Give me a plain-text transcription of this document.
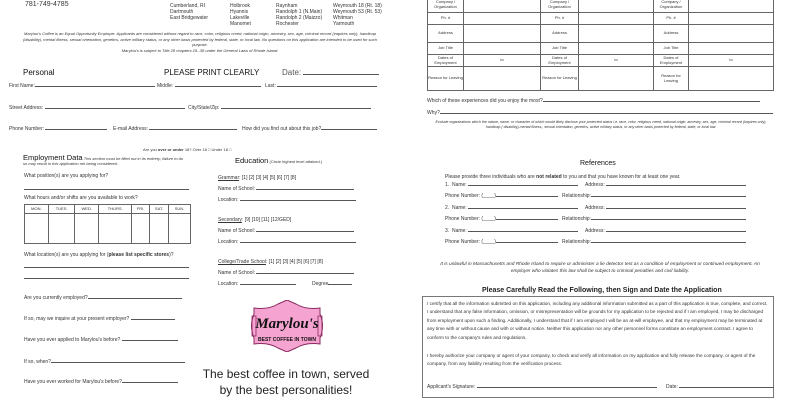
781-749-4785	Cumberland, RI
Dartmouth
East Bridgewater
Holbrook
Hyannis
Lakeville
Manomet
Raynham
Randolph 1 (N.Main)
Randolph 2 (Maizzo)
Rochester
Weymouth 18 (Rt. 18)
Weymouth 53 (Rt. 53)
Whitman
Yarmouth
Marylou's Coffee is an Equal Opportunity Employer. Applicants are considered without regard to race, color, religious creed, national origin, ancestry, sex, age, criminal record (inquires only), handicap (disability), mental illness, sexual orientation, genetics, active military status, or any other basis protected by federal, state, or local law. No questions on this application are intended to be used for such purpose.
Marylou's is subject to Title 28 chapters 29--38 under the General Laws of Rhode Island.
Personal	PLEASE PRINT CLEARLY	Date:
First Name:	Middle:	Last:
Street Address:	City/State/Zip:
Phone Number:	E-mail Address:	How did you find out about this job?
Are you over or under 18? Over 18 □ Under 18 □
Employment Data This section must be filled out in its entirety; failure to do so may result in this application not being considered.
What position(s) are you applying for?
What hours and/or shifts are you available to work?
MON.	TUES.	WED.	THURS.	FRI.	SAT.	SUN.

What location(s) are you applying for (please list specific stores)?
Are you currently employed?
If so, may we inquire at your present employer?
Have you ever applied to Marylou's before?
If so, when?
Have you ever worked for Marylou's before?
Education (Circle highest level attained.)
Grammar: [1] [2] [3] [4] [5] [6] [7] [8]
Name of School:
Location:
Secondary: [9] [10] [11] [12/GED]
Name of School:
Location:
College/Trade School: [1] [2] [3] [4] [5] [6] [7] [8]
Name of School:
Location:	Degree
Marylou's
BEST COFFEE IN TOWN
The best coffee in town, served
by the best personalities!
Company / Organization		Company / Organization		Company / Organization	
Ph. #		Ph. #		Ph. #	
Address		Address		Address	
Job Title		Job Title		Job Title	
Dates of Employment	to	Dates of Employment	to	Dates of Employment	to
Reason for Leaving		Reason for Leaving		Reason for Leaving	
Which of these experiences did you enjoy the most?
Why?
Exclude organizations which the nature, name, or character of which would likely disclose your protected status i.e. race, color, religious creed, national origin, ancestry, sex, age, criminal record (inquires only), handicap ( disability),mental illness,, sexual orientation, genetics, active military status, or any other basis protected by federal, state, or local law.
References
Please provide three individuals who are not related to you and that you have known for at least one year.
1. Name:	Address:
Phone Number: (____)	Relationship:
2. Name:	Address:
Phone Number: (____)	Relationship:
3. Name:	Address:
Phone Number: (____)	Relationship:
It is unlawful in Massachusetts and Rhode Island to require or administer a lie detector test as a condition of employment or continued employment. An employer who violates this law shall be subject to criminal penalties and civil liability.
Please Carefully Read the Following, then Sign and Date the Application
I certify that all the information submitted on this application, including any additional information submitted as a part of this application is true, complete, and correct. I understand that any false information, omission, or misrepresentation will be grounds for my application to be rejected and if I am employed, I may be discharged from employment upon such a finding. Additionally, I understand that if I am employed I will be an at-will employee, and that my employment may be terminated at any time with or without cause and with or without notice. Neither this application nor any other personnel forms constitute an employment contract. I agree to conform to the company's rules and regulations.
I hereby authorize your company or agent of your company, to check and verify all information on my application and fully release the company, or agent of the company, from any liability resulting from the verification process.
Applicant's Signature:	Date:
